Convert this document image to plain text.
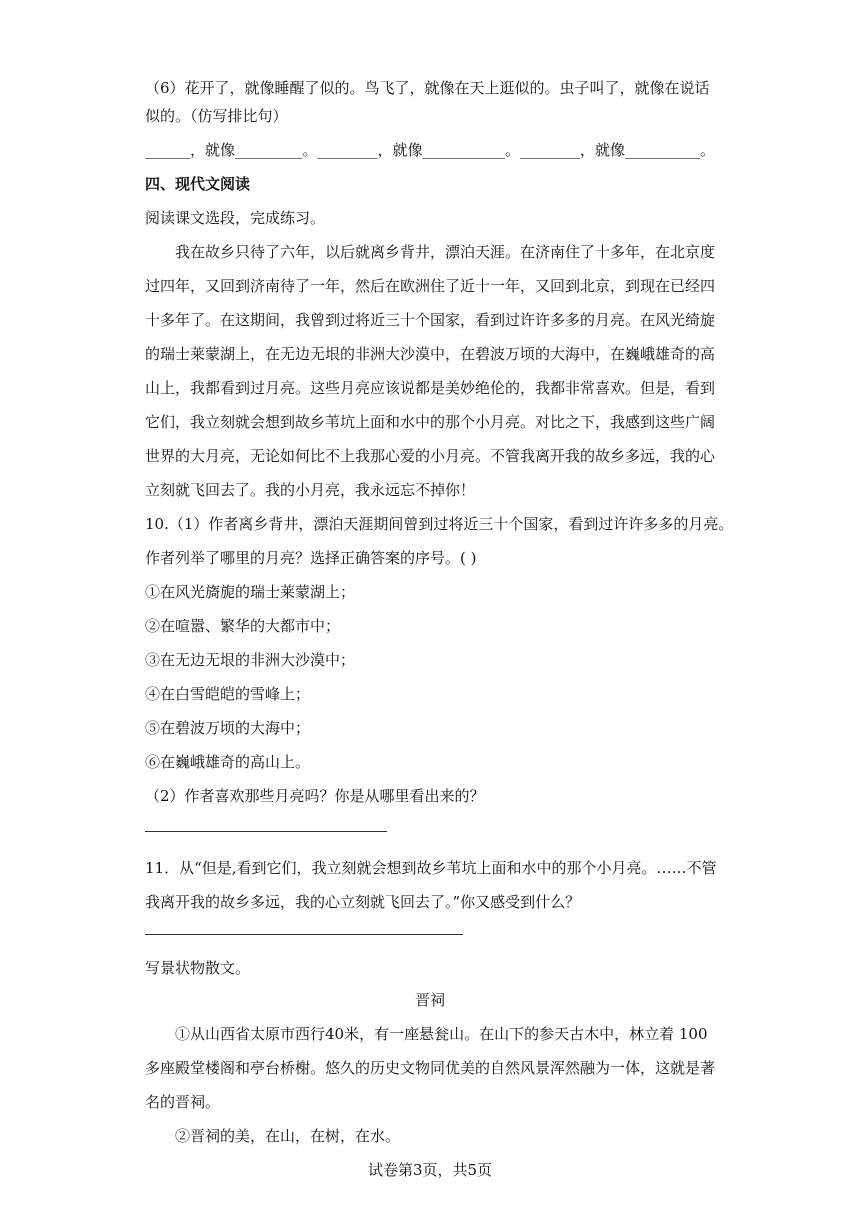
（6）花开了，就像睡醒了似的。鸟飞了，就像在天上逛似的。虫子叫了，就像在说话
似的。（仿写排比句）
______，就像_________。________，就像___________。________，就像__________。
四、现代文阅读
阅读课文选段，完成练习。
我在故乡只待了六年，以后就离乡背井，漂泊天涯。在济南住了十多年，在北京度
过四年，又回到济南待了一年，然后在欧洲住了近十一年，又回到北京，到现在已经四
十多年了。在这期间，我曾到过将近三十个国家，看到过许许多多的月亮。在风光绮旋
的瑞士莱蒙湖上，在无边无垠的非洲大沙漠中，在碧波万顷的大海中，在巍峨雄奇的高
山上，我都看到过月亮。这些月亮应该说都是美妙绝伦的，我都非常喜欢。但是，看到
它们，我立刻就会想到故乡苇坑上面和水中的那个小月亮。对比之下，我感到这些广阔
世界的大月亮，无论如何比不上我那心爱的小月亮。不管我离开我的故乡多远，我的心
立刻就飞回去了。我的小月亮，我永远忘不掉你！
10.（1）作者离乡背井，漂泊天涯期间曾到过将近三十个国家，看到过许许多多的月亮。
作者列举了哪里的月亮？选择正确答案的序号。( )
①在风光旖旎的瑞士莱蒙湖上；
②在喧嚣、繁华的大都市中；
③在无边无垠的非洲大沙漠中；
④在白雪皑皑的雪峰上；
⑤在碧波万顷的大海中；
⑥在巍峨雄奇的高山上。
（2）作者喜欢那些月亮吗？你是从哪里看出来的？
11．从“但是,看到它们，我立刻就会想到故乡苇坑上面和水中的那个小月亮。……不管
我离开我的故乡多远，我的心立刻就飞回去了。”你又感受到什么？
写景状物散文。
晋祠
①从山西省太原市西行40米，有一座悬瓮山。在山下的参天古木中，林立着 100
多座殿堂楼阁和亭台桥榭。悠久的历史文物同优美的自然风景浑然融为一体，这就是著
名的晋祠。
②晋祠的美，在山，在树，在水。
试卷第3页，共5页
